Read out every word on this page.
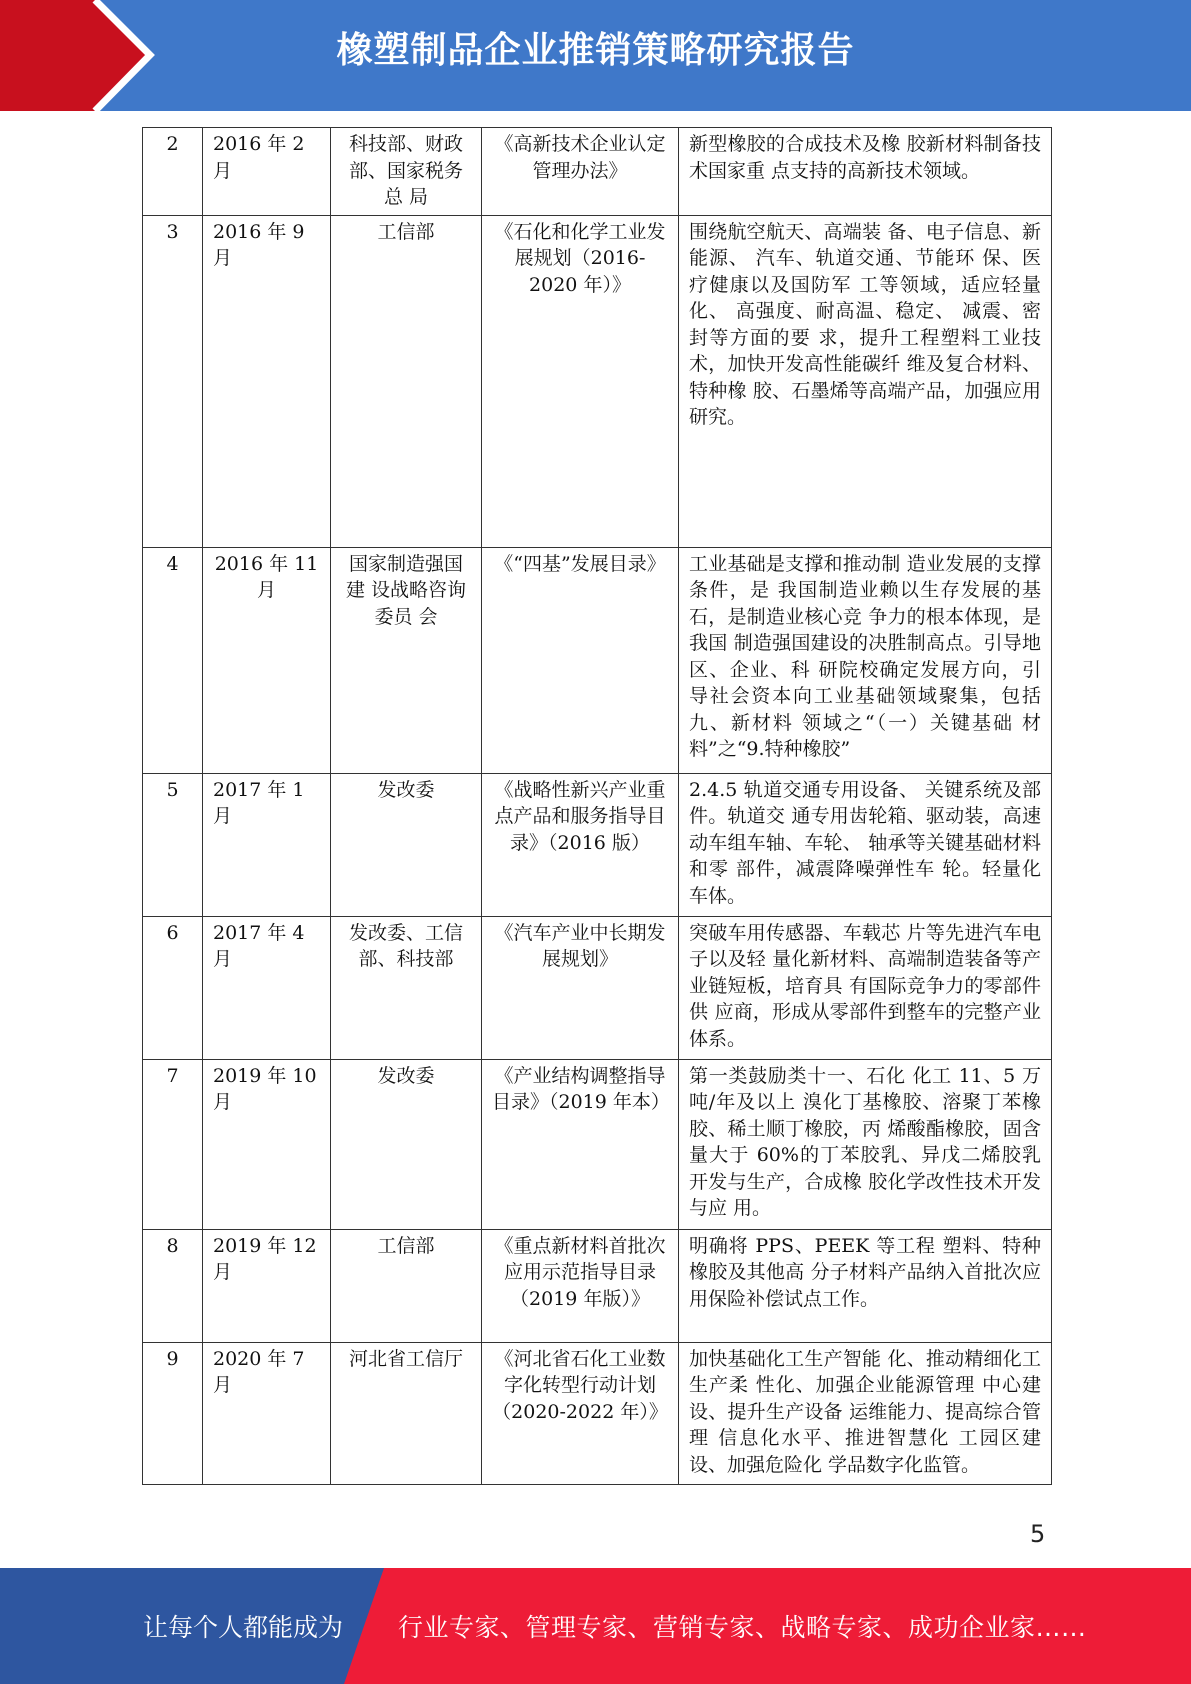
橡塑制品企业推销策略研究报告
2	2016 年 2 月	科技部、财政部、国家税务 总 局	《高新技术企业认定 管理办法》	新型橡胶的合成技术及橡 胶新材料制备技术国家重 点支持的高新技术领域。
3	2016 年 9月	工信部	《石化和化学工业发 展规划（2016-2020 年）》	围绕航空航天、高端装 备、电子信息、新能源、 汽车、轨道交通、节能环 保、医疗健康以及国防军 工等领域，适应轻量化、 高强度、耐高温、稳定、 减震、密封等方面的要 求，提升工程塑料工业技 术，加快开发高性能碳纤 维及复合材料、特种橡 胶、石墨烯等高端产品，加强应用研究。
4	2016 年 11 月	国家制造强国建 设战略咨询委员 会	《“四基”发展目录》	工业基础是支撑和推动制 造业发展的支撑条件，是 我国制造业赖以生存发展的基石，是制造业核心竞 争力的根本体现，是我国 制造强国建设的决胜制高点。引导地区、企业、科 研院校确定发展方向，引 导社会资本向工业基础领域聚集，包括九、新材料 领域之“（一）关键基础 材料”之“9.特种橡胶”
5	2017 年 1 月	发改委	《战略性新兴产业重 点产品和服务指导目 录》（2016 版）	2.4.5 轨道交通专用设备、 关键系统及部件。轨道交 通专用齿轮箱、驱动装，高速动车组车轴、车轮、 轴承等关键基础材料和零 部件，减震降噪弹性车 轮。轻量化车体。
6	2017 年 4 月	发改委、工信部、科技部	《汽车产业中长期发 展规划》	突破车用传感器、车载芯 片等先进汽车电子以及轻 量化新材料、高端制造装备等产业链短板，培育具 有国际竞争力的零部件供 应商，形成从零部件到整车的完整产业体系。
7	2019 年 10 月	发改委	《产业结构调整指导 目录》（2019 年本）	第一类鼓励类十一、石化 化工 11、5 万吨/年及以上 溴化丁基橡胶、溶聚丁苯橡胶、稀土顺丁橡胶，丙 烯酸酯橡胶，固含量大于 60%的丁苯胶乳、异戊二烯胶乳开发与生产，合成橡 胶化学改性技术开发与应 用。
8	2019 年 12 月	工信部	《重点新材料首批次 应用示范指导目录 （2019 年版）》	明确将 PPS、PEEK 等工程 塑料、特种橡胶及其他高 分子材料产品纳入首批次应用保险补偿试点工作。
9	2020 年 7 月	河北省工信厅	《河北省石化工业数 字化转型行动计划 （2020-2022 年）》	加快基础化工生产智能 化、推动精细化工生产柔 性化、加强企业能源管理 中心建设、提升生产设备 运维能力、提高综合管理 信息化水平、推进智慧化 工园区建设、加强危险化 学品数字化监管。
5
让每个人都能成为 行业专家、管理专家、营销专家、战略专家、成功企业家……
